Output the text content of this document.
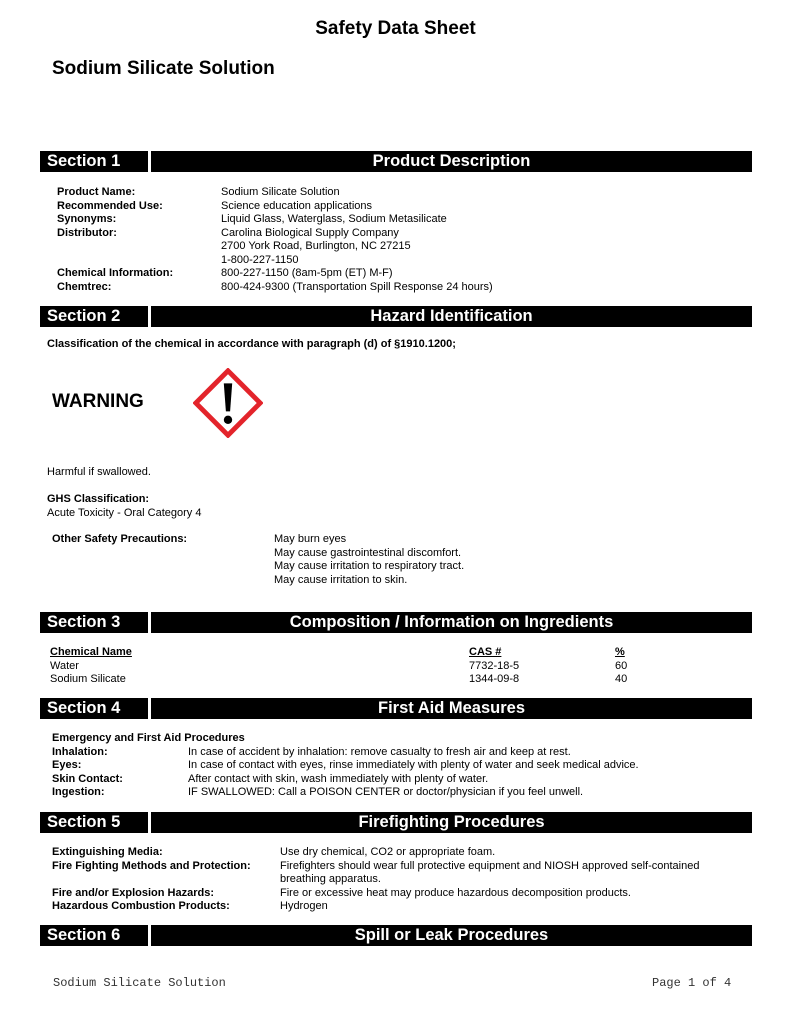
Safety Data Sheet
Sodium Silicate Solution
Section 1	Product Description
Product Name:	Sodium Silicate Solution
Recommended Use:	Science education applications
Synonyms:	Liquid Glass, Waterglass, Sodium Metasilicate
Distributor:	Carolina Biological Supply Company
2700 York Road, Burlington, NC 27215
1-800-227-1150
Chemical Information:	800-227-1150 (8am-5pm (ET) M-F)
Chemtrec:	800-424-9300 (Transportation Spill Response 24 hours)
Section 2	Hazard Identification
Classification of the chemical in accordance with paragraph (d) of §1910.1200;
WARNING
Harmful if swallowed.
GHS Classification:
Acute Toxicity - Oral Category 4
Other Safety Precautions:	May burn eyes
May cause gastrointestinal discomfort.
May cause irritation to respiratory tract.
May cause irritation to skin.
Section 3	Composition / Information on Ingredients
Chemical Name	CAS #	%
Water	7732-18-5	60
Sodium Silicate	1344-09-8	40
Section 4	First Aid Measures
Emergency and First Aid Procedures
Inhalation:	In case of accident by inhalation: remove casualty to fresh air and keep at rest.
Eyes:	In case of contact with eyes, rinse immediately with plenty of water and seek medical advice.
Skin Contact:	After contact with skin, wash immediately with plenty of water.
Ingestion:	IF SWALLOWED: Call a POISON CENTER or doctor/physician if you feel unwell.
Section 5	Firefighting Procedures
Extinguishing Media:	Use dry chemical, CO2 or appropriate foam.
Fire Fighting Methods and Protection:	Firefighters should wear full protective equipment and NIOSH approved self-contained
breathing apparatus.
Fire and/or Explosion Hazards:	Fire or excessive heat may produce hazardous decomposition products.
Hazardous Combustion Products:	Hydrogen
Section 6	Spill or Leak Procedures
Sodium Silicate Solution	Page 1 of 4
